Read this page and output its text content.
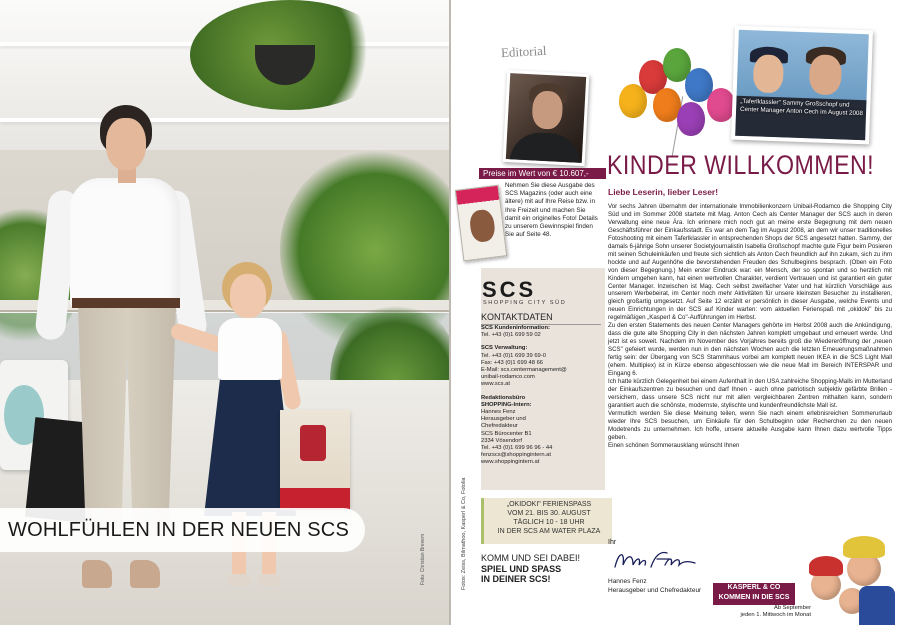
WOHLFÜHLEN IN DER NEUEN SCS
Foto: Christian Brevem	Fotos: Zeiss, Bilmathoo, Kasperl & Co, Fotolia
Editorial
Preise im Wert von € 10.607,-
Nehmen Sie diese Ausgabe des SCS Magazins (oder auch eine ältere) mit auf Ihre Reise bzw. in Ihre Freizeit und machen Sie damit ein originelles Foto! Details zu unserem Gewinnspiel finden Sie auf Seite 48.
SCS
SHOPPING CITY SÜD
KONTAKTDATEN
SCS Kundeninformation:
Tel. +43 (0)1 699 59 02
SCS Verwaltung:
Tel. +43 (0)1 699 39 69-0
Fax: +43 (0)1 699 48 66
E-Mail: scs.centermanagement@
unibail-rodamco.com
www.scs.at
Redaktionsbüro
SHOPPING-Intern:
Hannes Fenz
Herausgeber und
Chefredakteur
SCS Bürocenter B1
2334 Vösendorf
Tel. +43 (0)1 699 96 96 - 44
fenzscs@shoppingintern.at
www.shoppingintern.at
„OKIDOKI" FERIENSPASS
VOM 21. BIS 30. AUGUST
TÄGLICH 10 - 18 UHR
IN DER SCS AM WATER PLAZA
KOMM UND SEI DABEI!
SPIEL UND SPASS
IN DEINER SCS!
„Taferlklassler" Sammy Großschopf und Center Manager Anton Cech im August 2008
KINDER WILLKOMMEN!
Liebe Leserin, lieber Leser!

Vor sechs Jahren übernahm der internationale Immobilienkonzern Unibail-Rodamco die Shopping City Süd und im Sommer 2008 startete mit Mag. Anton Cech als Center Manager der SCS auch in deren Verwaltung eine neue Ära. Ich erinnere mich noch gut an meine erste Begegnung mit dem neuen Geschäftsführer der Einkaufsstadt. Es war an dem Tag im August 2008, an dem wir unser traditionelles Fotoshooting mit einem Taferlklassler in entsprechenden Shops der SCS angesetzt hatten. Sammy, der damals 6-jährige Sohn unserer Societyjournalistin Isabella Großschopf machte gute Figur beim Posieren mit seinen Schuleinkäufen und freute sich sichtlich als Anton Cech freundlich auf ihn zukam, sich zu ihm hockte und auf Augenhöhe die bevorstehenden Freuden des Schulbeginns besprach. (Oben ein Foto von dieser Begegnung.) Mein erster Eindruck war: ein Mensch, der so spontan und so herzlich mit Kindern umgehen kann, hat einen wertvollen Charakter, verdient Vertrauen und ist garantiert ein guter Center Manager. Inzwischen ist Mag. Cech selbst zweifacher Vater und hat kürzlich Vorschläge aus unserem Werbebeirat, im Center noch mehr Aktivitäten für unsere kleinsten Besucher zu installieren, gleich großartig umgesetzt. Auf Seite 12 erzählt er persönlich in dieser Ausgabe, welche Events und neuen Einrichtungen in der SCS auf Kinder warten: vom aktuellen Ferienspaß mit „okidoki" bis zu regelmäßigen „Kasperl & Co"-Aufführungen im Herbst.

Zu den ersten Statements des neuen Center Managers gehörte im Herbst 2008 auch die Ankündigung, dass die gute alte Shopping City in den nächsten Jahren komplett umgebaut und erneuert werde. Und jetzt ist es soweit. Nachdem im November des Vorjahres bereits groß die Wiedereröffnung der „neuen SCS" gefeiert wurde, werden nun in den nächsten Wochen auch die letzten Erneuerungsmaßnahmen fertig sein: der Übergang von SCS Stammhaus vorbei am komplett neuen IKEA in die SCS Light Mall (ehem. Multiplex) ist in Kürze ebenso abgeschlossen wie die neue Mall im Bereich INTERSPAR und Eingang 6.

Ich hatte kürzlich Gelegenheit bei einem Aufenthalt in den USA zahlreiche Shopping-Malls im Mutterland der Einkaufszentren zu besuchen und darf Ihnen - auch ohne patriotisch subjektiv gefärbte Brillen - versichern, dass unsere SCS nicht nur mit allen vergleichbaren Zentren mithalten kann, sondern garantiert auch die schönste, modernste, stylischte und kundenfreundlichste Mall ist.

Vermutlich werden Sie diese Meinung teilen, wenn Sie nach einem erlebnisreichen Sommerurlaub wieder Ihre SCS besuchen, um Einkäufe für den Schulbeginn oder Recherchen zu den neuen Modetrends zu unternehmen. Ich hoffe, unsere aktuelle Ausgabe kann Ihnen dazu wertvolle Tipps geben.

Einen schönen Sommerausklang wünscht Ihnen

Ihr
Hannes Fenz
Herausgeber und Chefredakteur	KASPERL & CO
KOMMEN IN DIE SCS
Ab September
jeden 1. Mittwoch im Monat
